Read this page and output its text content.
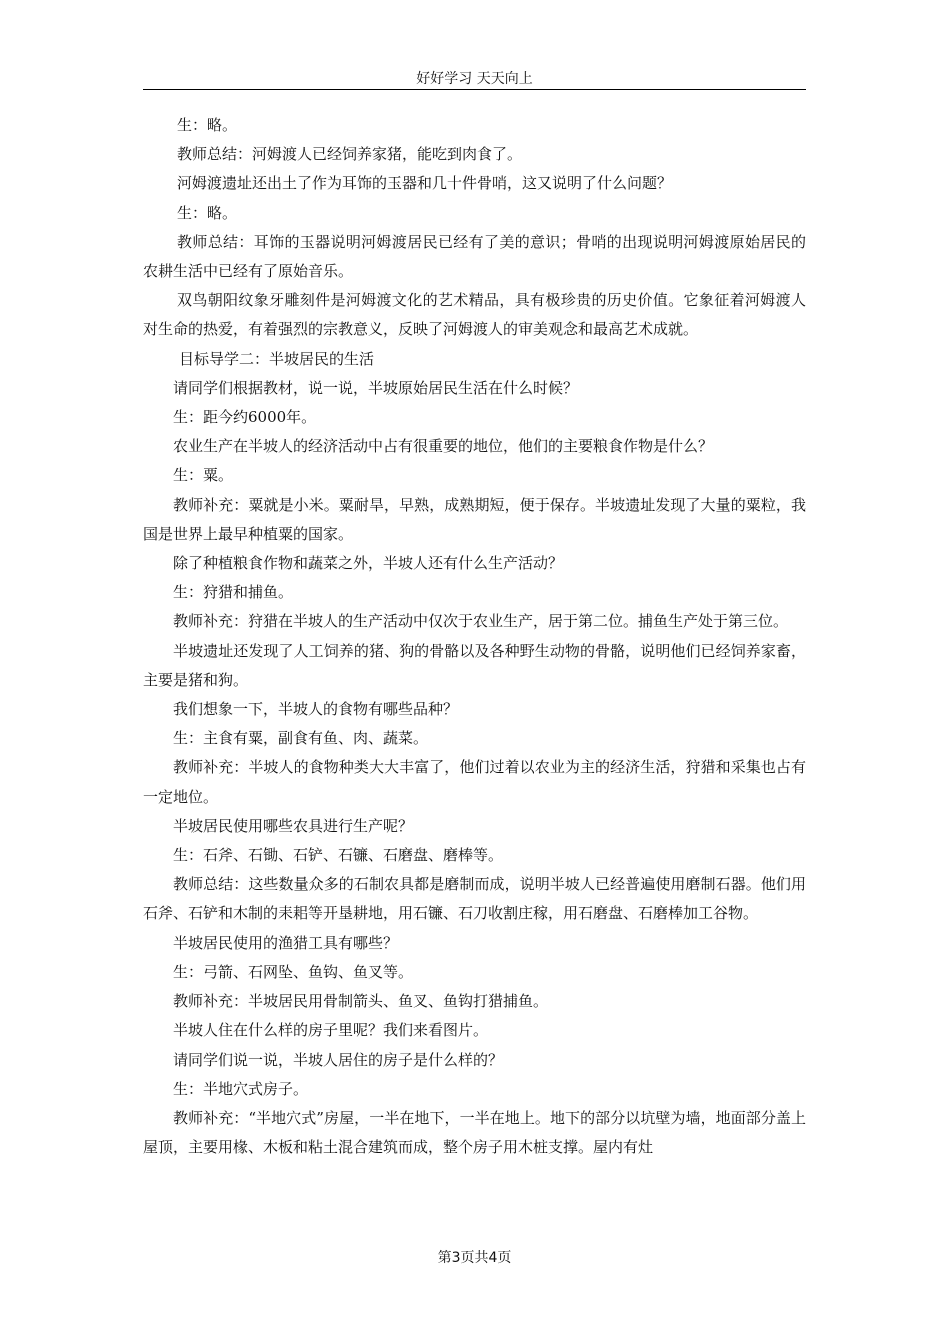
好好学习 天天向上

生：略。

教师总结：河姆渡人已经饲养家猪，能吃到肉食了。

河姆渡遗址还出土了作为耳饰的玉器和几十件骨哨，这又说明了什么问题？

生：略。

教师总结：耳饰的玉器说明河姆渡居民已经有了美的意识；骨哨的出现说明河姆渡原始居民的农耕生活中已经有了原始音乐。

双鸟朝阳纹象牙雕刻件是河姆渡文化的艺术精品，具有极珍贵的历史价值。它象征着河姆渡人对生命的热爱，有着强烈的宗教意义，反映了河姆渡人的审美观念和最高艺术成就。

目标导学二：半坡居民的生活

请同学们根据教材，说一说，半坡原始居民生活在什么时候？

生：距今约6000年。

农业生产在半坡人的经济活动中占有很重要的地位，他们的主要粮食作物是什么？

生：粟。

教师补充：粟就是小米。粟耐旱，早熟，成熟期短，便于保存。半坡遗址发现了大量的粟粒，我国是世界上最早种植粟的国家。

除了种植粮食作物和蔬菜之外，半坡人还有什么生产活动？

生：狩猎和捕鱼。

教师补充：狩猎在半坡人的生产活动中仅次于农业生产，居于第二位。捕鱼生产处于第三位。

半坡遗址还发现了人工饲养的猪、狗的骨骼以及各种野生动物的骨骼，说明他们已经饲养家畜，主要是猪和狗。

我们想象一下，半坡人的食物有哪些品种？

生：主食有粟，副食有鱼、肉、蔬菜。

教师补充：半坡人的食物种类大大丰富了，他们过着以农业为主的经济生活，狩猎和采集也占有一定地位。

半坡居民使用哪些农具进行生产呢？

生：石斧、石锄、石铲、石镰、石磨盘、磨棒等。

教师总结：这些数量众多的石制农具都是磨制而成，说明半坡人已经普遍使用磨制石器。他们用石斧、石铲和木制的耒耜等开垦耕地，用石镰、石刀收割庄稼，用石磨盘、石磨棒加工谷物。

半坡居民使用的渔猎工具有哪些？

生：弓箭、石网坠、鱼钩、鱼叉等。

教师补充：半坡居民用骨制箭头、鱼叉、鱼钩打猎捕鱼。

半坡人住在什么样的房子里呢？我们来看图片。

请同学们说一说，半坡人居住的房子是什么样的？

生：半地穴式房子。

教师补充：“半地穴式”房屋，一半在地下，一半在地上。地下的部分以坑壁为墙，地面部分盖上屋顶，主要用椽、木板和粘土混合建筑而成，整个房子用木桩支撑。屋内有灶

第3页共4页
